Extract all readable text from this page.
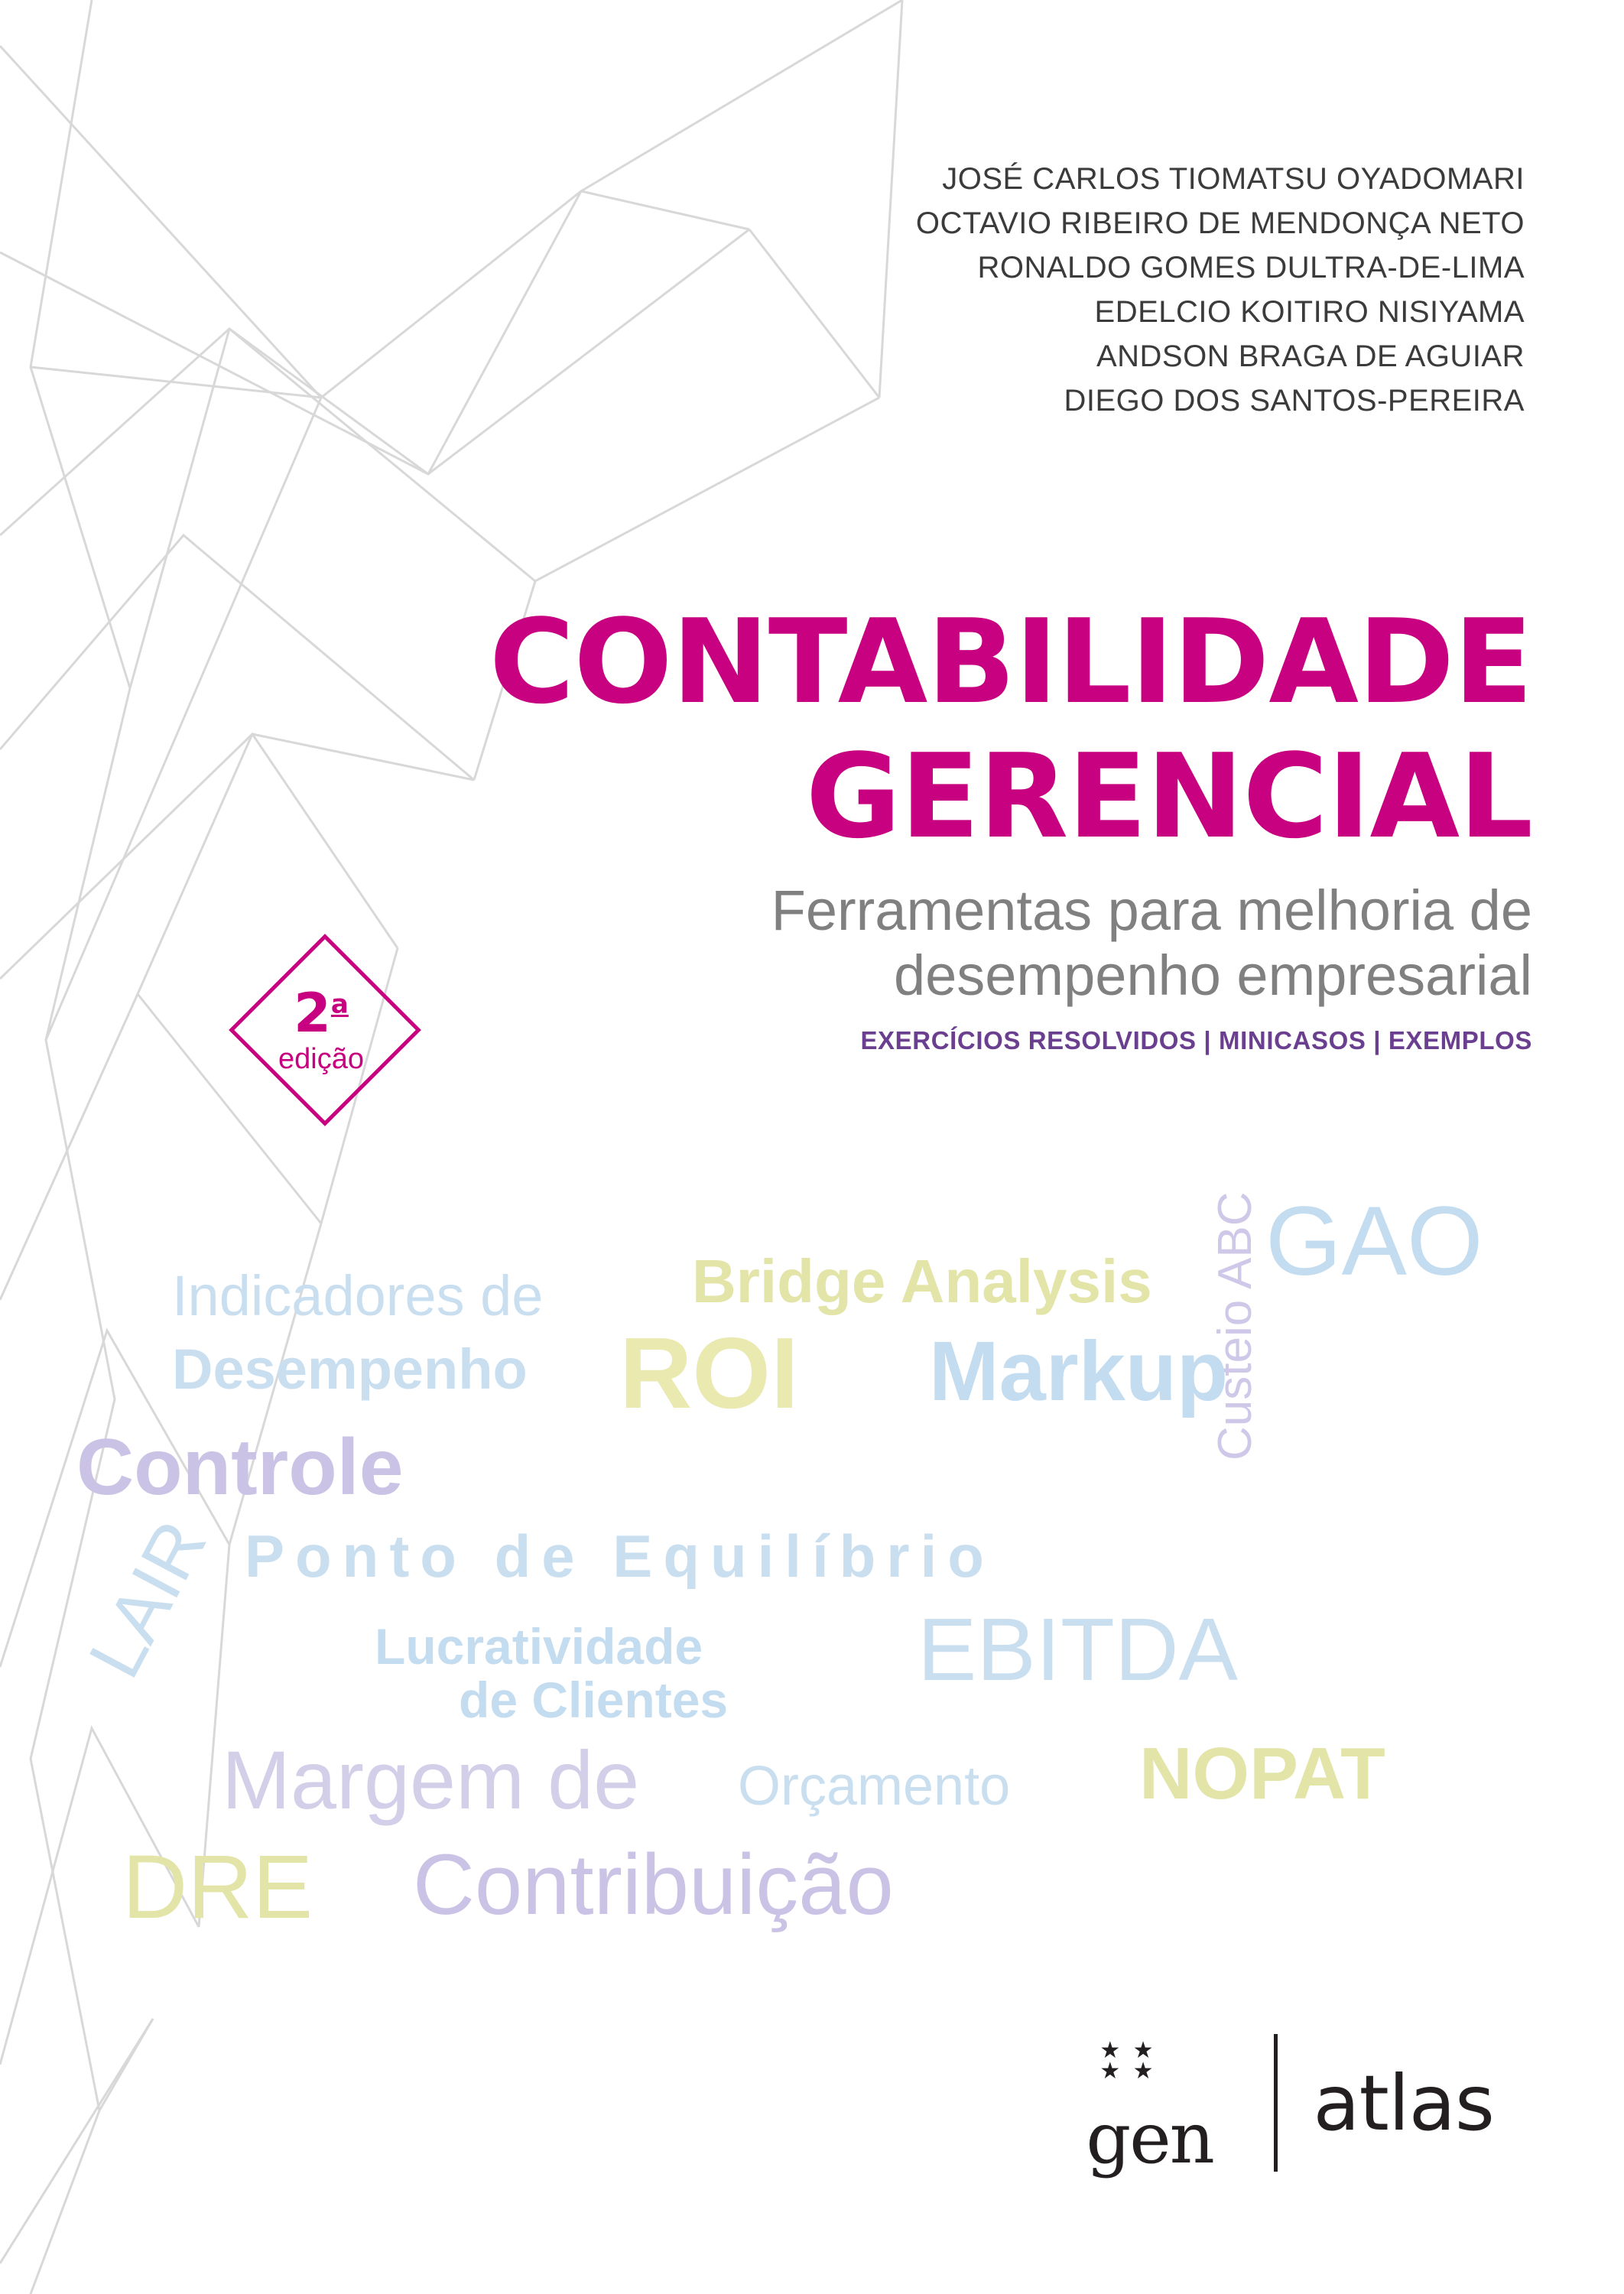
JOSÉ CARLOS TIOMATSU OYADOMARI
OCTAVIO RIBEIRO DE MENDONÇA NETO
RONALDO GOMES DULTRA-DE-LIMA
EDELCIO KOITIRO NISIYAMA
ANDSON BRAGA DE AGUIAR
DIEGO DOS SANTOS-PEREIRA
CONTABILIDADE
GERENCIAL
Ferramentas para melhoria de
desempenho empresarial
EXERCÍCIOS RESOLVIDOS | MINICASOS | EXEMPLOS
2$^a$
edição
GAO
Bridge Analysis
Indicadores de
Desempenho	Custeio ABC
ROI Markup
Controle
Ponto de Equilíbrio
LAIR	Lucratividade
de Clientes
EBITDA
Margem de Orçamento NOPAT
DRE Contribuição
★ ★
★ ★
gen atlas
